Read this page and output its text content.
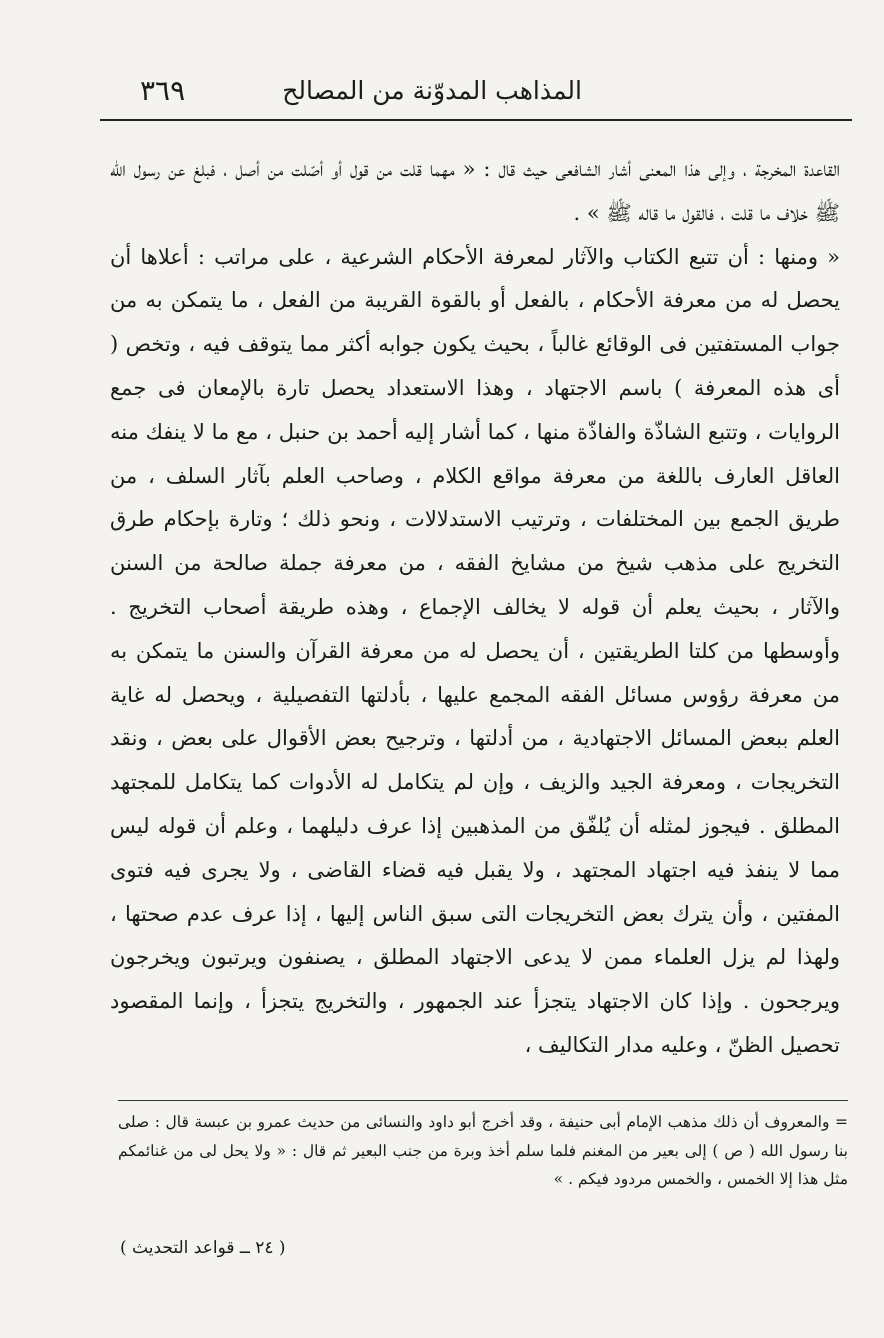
المذاهب المدوّنة من المصالح
٣٦٩

القاعدة المخرجة ، وإلى هذا المعنى أشار الشافعى حيث قال : « مهما قلت من قول أو أصّلت من أصل ، فبلغ عن رسول الله ﷺ خلاف ما قلت ، فالقول ما قاله ﷺ » .

« ومنها : أن تتبع الكتاب والآثار لمعرفة الأحكام الشرعية ، على مراتب : أعلاها أن يحصل له من معرفة الأحكام ، بالفعل أو بالقوة القريبة من الفعل ، ما يتمكن به من جواب المستفتين فى الوقائع غالباً ، بحيث يكون جوابه أكثر مما يتوقف فيه ، وتخص ( أى هذه المعرفة ) باسم الاجتهاد ، وهذا الاستعداد يحصل تارة بالإمعان فى جمع الروايات ، وتتبع الشاذّة والفاذّة منها ، كما أشار إليه أحمد بن حنبل ، مع ما لا ينفك منه العاقل العارف باللغة من معرفة مواقع الكلام ، وصاحب العلم بآثار السلف ، من طريق الجمع بين المختلفات ، وترتيب الاستدلالات ، ونحو ذلك ؛ وتارة بإحكام طرق التخريج على مذهب شيخ من مشايخ الفقه ، من معرفة جملة صالحة من السنن والآثار ، بحيث يعلم أن قوله لا يخالف الإجماع ، وهذه طريقة أصحاب التخريج . وأوسطها من كلتا الطريقتين ، أن يحصل له من معرفة القرآن والسنن ما يتمكن به من معرفة رؤوس مسائل الفقه المجمع عليها ، بأدلتها التفصيلية ، ويحصل له غاية العلم ببعض المسائل الاجتهادية ، من أدلتها ، وترجيح بعض الأقوال على بعض ، ونقد التخريجات ، ومعرفة الجيد والزيف ، وإن لم يتكامل له الأدوات كما يتكامل للمجتهد المطلق . فيجوز لمثله أن يُلفّق من المذهبين إذا عرف دليلهما ، وعلم أن قوله ليس مما لا ينفذ فيه اجتهاد المجتهد ، ولا يقبل فيه قضاء القاضى ، ولا يجرى فيه فتوى المفتين ، وأن يترك بعض التخريجات التى سبق الناس إليها ، إذا عرف عدم صحتها ، ولهذا لم يزل العلماء ممن لا يدعى الاجتهاد المطلق ، يصنفون ويرتبون ويخرجون ويرجحون . وإذا كان الاجتهاد يتجزأ عند الجمهور ، والتخريج يتجزأ ، وإنما المقصود تحصيل الظنّ ، وعليه مدار التكاليف ،

= والمعروف أن ذلك مذهب الإمام أبى حنيفة ، وقد أخرج أبو داود والنسائى من حديث عمرو بن عبسة قال : صلى بنا رسول الله ( ص ) إلى بعير من المغنم فلما سلم أخذ وبرة من جنب البعير ثم قال : « ولا يحل لى من غنائمكم مثل هذا إلا الخمس ، والخمس مردود فيكم . »

( ٢٤ ــ قواعد التحديث )
